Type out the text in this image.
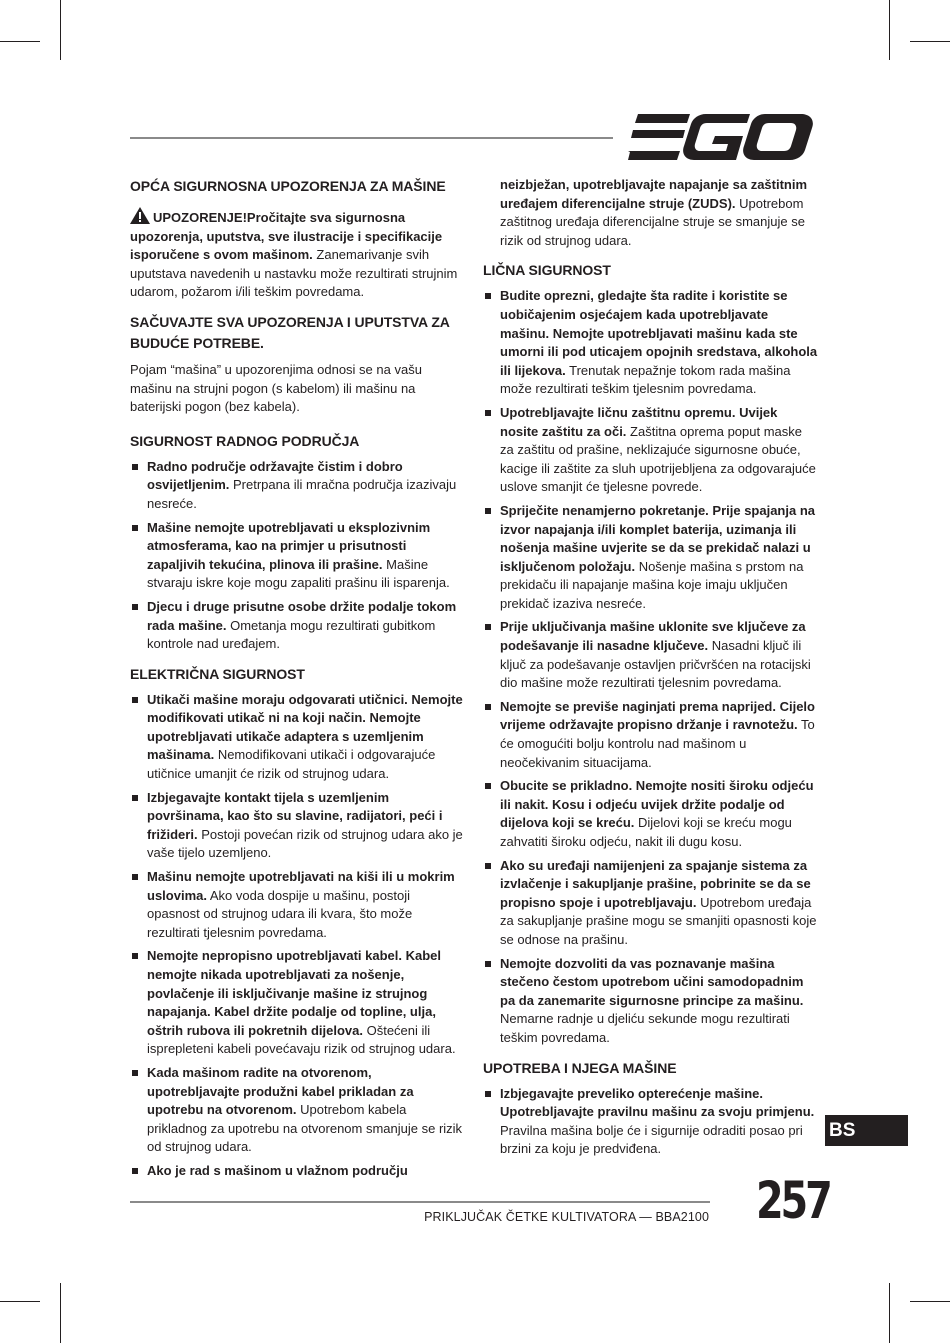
OPĆA SIGURNOSNA UPOZORENJA ZA MAŠINE

UPOZORENJE!Pročitajte sva sigurnosna upozorenja, uputstva, sve ilustracije i specifikacije isporučene s ovom mašinom. Zanemarivanje svih uputstava navedenih u nastavku može rezultirati strujnim udarom, požarom i/ili teškim povredama.

SAČUVAJTE SVA UPOZORENJA I UPUTSTVA ZA BUDUĆE POTREBE.

Pojam “mašina” u upozorenjima odnosi se na vašu mašinu na strujni pogon (s kabelom) ili mašinu na baterijski pogon (bez kabela).

SIGURNOST RADNOG PODRUČJA
Radno područje održavajte čistim i dobro osvijetljenim. Pretrpana ili mračna područja izazivaju nesreće.
Mašine nemojte upotrebljavati u eksplozivnim atmosferama, kao na primjer u prisutnosti zapaljivih tekućina, plinova ili prašine. Mašine stvaraju iskre koje mogu zapaliti prašinu ili isparenja.
Djecu i druge prisutne osobe držite podalje tokom rada mašine. Ometanja mogu rezultirati gubitkom kontrole nad uređajem.
ELEKTRIČNA SIGURNOST
Utikači mašine moraju odgovarati utičnici. Nemojte modifikovati utikač ni na koji način. Nemojte upotrebljavati utikače adaptera s uzemljenim mašinama. Nemodifikovani utikači i odgovarajuće utičnice umanjit će rizik od strujnog udara.
Izbjegavajte kontakt tijela s uzemljenim površinama, kao što su slavine, radijatori, peći i frižideri. Postoji povećan rizik od strujnog udara ako je vaše tijelo uzemljeno.
Mašinu nemojte upotrebljavati na kiši ili u mokrim uslovima. Ako voda dospije u mašinu, postoji opasnost od strujnog udara ili kvara, što može rezultirati tjelesnim povredama.
Nemojte nepropisno upotrebljavati kabel. Kabel nemojte nikada upotrebljavati za nošenje, povlačenje ili isključivanje mašine iz strujnog napajanja. Kabel držite podalje od topline, ulja, oštrih rubova ili pokretnih dijelova. Oštećeni ili isprepleteni kabeli povećavaju rizik od strujnog udara.
Kada mašinom radite na otvorenom, upotrebljavajte produžni kabel prikladan za upotrebu na otvorenom. Upotrebom kabela prikladnog za upotrebu na otvorenom smanjuje se rizik od strujnog udara.
Ako je rad s mašinom u vlažnom području
neizbježan, upotrebljavajte napajanje sa zaštitnim uređajem diferencijalne struje (ZUDS). Upotrebom zaštitnog uređaja diferencijalne struje se smanjuje se rizik od strujnog udara.
LIČNA SIGURNOST
Budite oprezni, gledajte šta radite i koristite se uobičajenim osjećajem kada upotrebljavate mašinu. Nemojte upotrebljavati mašinu kada ste umorni ili pod uticajem opojnih sredstava, alkohola ili lijekova. Trenutak nepažnje tokom rada mašina može rezultirati teškim tjelesnim povredama.
Upotrebljavajte ličnu zaštitnu opremu. Uvijek nosite zaštitu za oči. Zaštitna oprema poput maske za zaštitu od prašine, neklizajuće sigurnosne obuće, kacige ili zaštite za sluh upotrijebljena za odgovarajuće uslove smanjit će tjelesne povrede.
Spriječite nenamjerno pokretanje. Prije spajanja na izvor napajanja i/ili komplet baterija, uzimanja ili nošenja mašine uvjerite se da se prekidač nalazi u isključenom položaju. Nošenje mašina s prstom na prekidaču ili napajanje mašina koje imaju uključen prekidač izaziva nesreće.
Prije uključivanja mašine uklonite sve ključeve za podešavanje ili nasadne ključeve. Nasadni ključ ili ključ za podešavanje ostavljen pričvršćen na rotacijski dio mašine može rezultirati tjelesnim povredama.
Nemojte se previše naginjati prema naprijed. Cijelo vrijeme održavajte propisno držanje i ravnotežu. To će omogućiti bolju kontrolu nad mašinom u neočekivanim situacijama.
Obucite se prikladno. Nemojte nositi široku odjeću ili nakit. Kosu i odjeću uvijek držite podalje od dijelova koji se kreću. Dijelovi koji se kreću mogu zahvatiti široku odjeću, nakit ili dugu kosu.
Ako su uređaji namijenjeni za spajanje sistema za izvlačenje i sakupljanje prašine, pobrinite se da se propisno spoje i upotrebljavaju. Upotrebom uređaja za sakupljanje prašine mogu se smanjiti opasnosti koje se odnose na prašinu.
Nemojte dozvoliti da vas poznavanje mašina stečeno čestom upotrebom učini samodopadnim pa da zanemarite sigurnosne principe za mašinu. Nemarne radnje u djeliću sekunde mogu rezultirati teškim povredama.
UPOTREBA I NJEGA MAŠINE
Izbjegavajte preveliko opterećenje mašine. Upotrebljavajte pravilnu mašinu za svoju primjenu. Pravilna mašina bolje će i sigurnije odraditi posao pri brzini za koju je predviđena.
BS
PRIKLJUČAK ČETKE KULTIVATORA — BBA2100 257
